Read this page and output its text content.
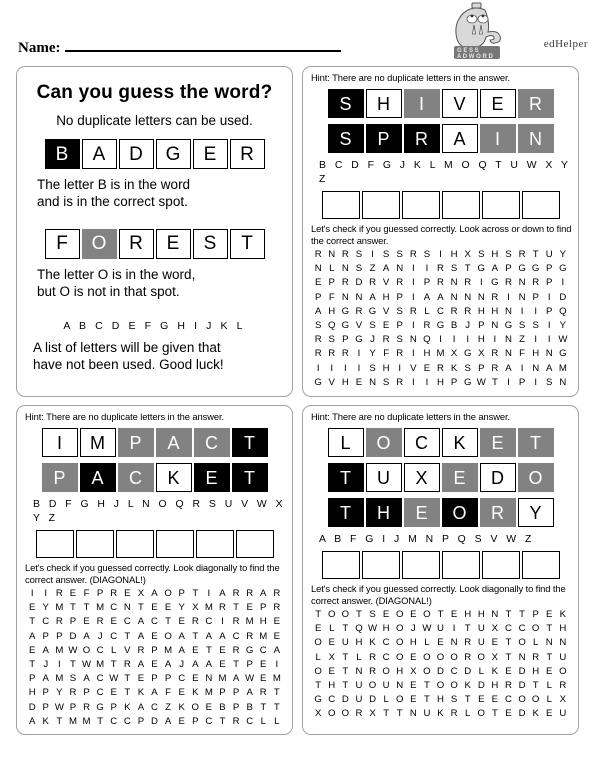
G E S S
A D W O R D
edHelper
Name:
Can you guess the word?
No duplicate letters can be used.
B	A	D	G	E	R
The letter B is in the word
and is in the correct spot.
F	O	R	E	S	T
The letter O is in the word,
but O is not in that spot.
A B C D E F G H I J K L
A list of letters will be given that
have not been used. Good luck!
Hint: There are no duplicate letters in the answer.
S	H	I	V	E	R
S	P	R	A	I	N
B C D F G J K L M O Q T U W X Y Z
Let's check if you guessed correctly. Look across or down to find the correct answer.
R N R S I S S R S I H X S H S R T U Y
N L N S Z A N I	I R S T G A P G G P G
E P R D R V R I P R N R I G R N R P I
P F N N A H P I A A N N N R I N P I D
A H G R G V S R L C R R H H N I	I P Q
S Q G V S E P I R G B J P N G S S I Y
R S P G J R S N Q I	I	I H I N Z I	I W
R R R I Y F R I H M X G X R N F H N G
I	I	I	I S H I V E R K S P R A I N A M
G V H E N S R I	I H P G W T I P I S N
Hint: There are no duplicate letters in the answer.
I	M	P	A	C	T
P	A	C	K	E	T
B D F G H J L N O Q R S U V W X Y Z
Let's check if you guessed correctly. Look diagonally to find the correct answer. (DIAGONAL!)
I	I R E F P R E X A O P T I A R R A R
E Y M T T M C N T E E Y X M R T E P R
T C R P E R E C A C T E R C I R M H E
A P P D A J C T A E O A T A A C R M E
E A M W O C L V R P M A E T E R G C A
T J	I T W M T R A E A J A A E T P E I
P A M S A C W T E P P C E N M A W E M
H P Y R P C E T K A F E K M P P A R T
D P W P R G P K A C Z K O E B P B T T
A K T M M T C C P D A E P C T R C L L
Hint: There are no duplicate letters in the answer.
L	O	C	K	E	T
T	U	X	E	D	O
T	H	E	O	R	Y
A B F G I J M N P Q S V W Z
Let's check if you guessed correctly. Look diagonally to find the correct answer. (DIAGONAL!)
T O O T S E O E O T E H H N T T P E K
E L T Q W H O J W U I T U X C C O T H
O E U H K C O H L E N R U E T O L N N
L X T L R C O E O O O R O X T N R T U
O E T N R O H X O D C D L K E D H E O
T H T U O U N E T O O K D H R D T L R
G C D U D L O E T H S T E E C O O L X
X O O R X T T N U K R L O T E D K E U
